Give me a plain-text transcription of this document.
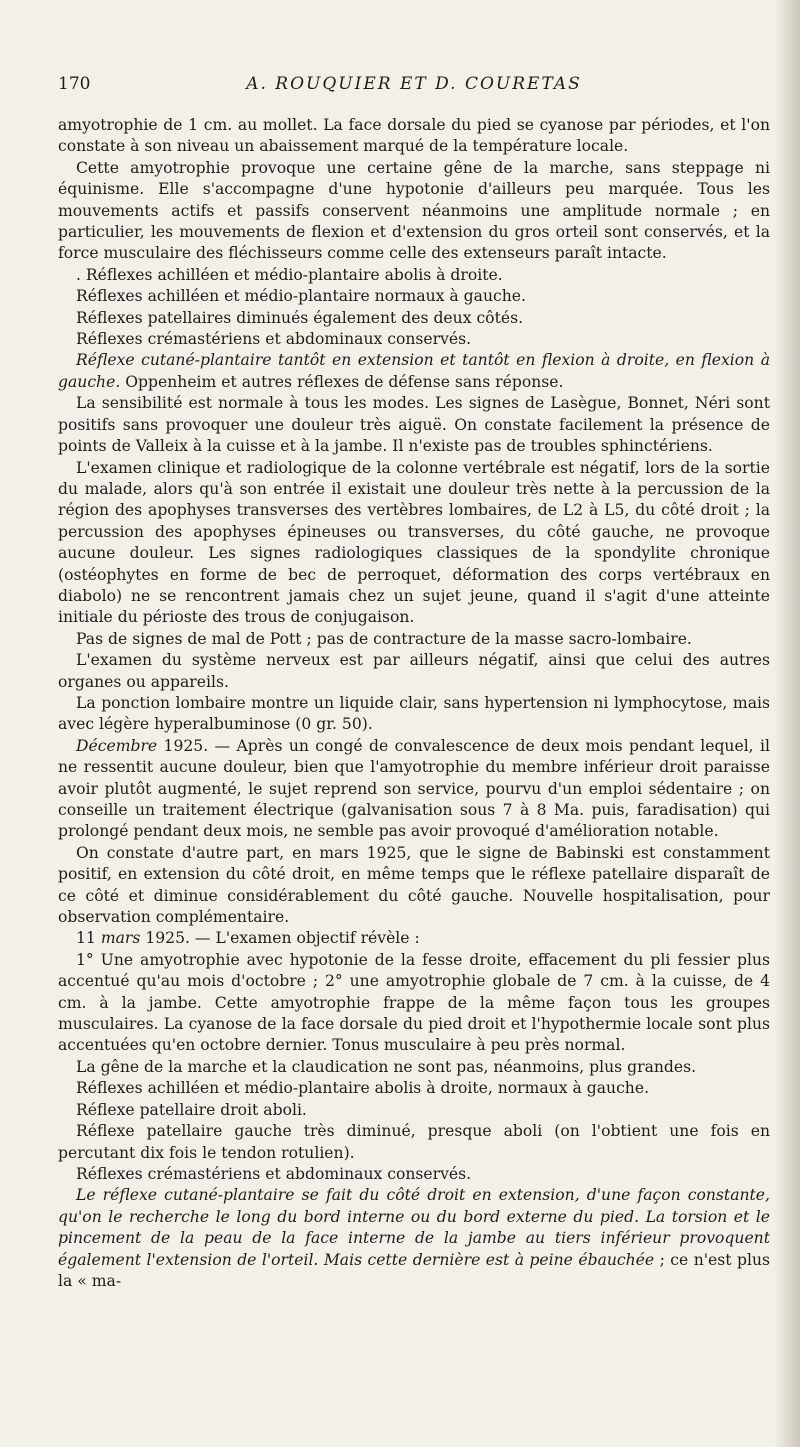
170	A. ROUQUIER ET D. COURETAS

amyotrophie de 1 cm. au mollet. La face dorsale du pied se cyanose par périodes, et l'on constate à son niveau un abaissement marqué de la température locale.

Cette amyotrophie provoque une certaine gêne de la marche, sans steppage ni équinisme. Elle s'accompagne d'une hypotonie d'ailleurs peu marquée. Tous les mouvements actifs et passifs conservent néanmoins une amplitude normale ; en particulier, les mouvements de flexion et d'extension du gros orteil sont conservés, et la force musculaire des fléchisseurs comme celle des extenseurs paraît intacte.

. Réflexes achilléen et médio-plantaire abolis à droite.

Réflexes achilléen et médio-plantaire normaux à gauche.

Réflexes patellaires diminués également des deux côtés.

Réflexes crémastériens et abdominaux conservés.

Réflexe cutané-plantaire tantôt en extension et tantôt en flexion à droite, en flexion à gauche. Oppenheim et autres réflexes de défense sans réponse.

La sensibilité est normale à tous les modes. Les signes de Lasègue, Bonnet, Néri sont positifs sans provoquer une douleur très aiguë. On constate facilement la présence de points de Valleix à la cuisse et à la jambe. Il n'existe pas de troubles sphinctériens.

L'examen clinique et radiologique de la colonne vertébrale est négatif, lors de la sortie du malade, alors qu'à son entrée il existait une douleur très nette à la percussion de la région des apophyses transverses des vertèbres lombaires, de L2 à L5, du côté droit ; la percussion des apophyses épineuses ou transverses, du côté gauche, ne provoque aucune douleur. Les signes radiologiques classiques de la spondylite chronique (ostéophytes en forme de bec de perroquet, déformation des corps vertébraux en diabolo) ne se rencontrent jamais chez un sujet jeune, quand il s'agit d'une atteinte initiale du périoste des trous de conjugaison.

Pas de signes de mal de Pott ; pas de contracture de la masse sacro-lombaire.

L'examen du système nerveux est par ailleurs négatif, ainsi que celui des autres organes ou appareils.

La ponction lombaire montre un liquide clair, sans hypertension ni lymphocytose, mais avec légère hyperalbuminose (0 gr. 50).

Décembre 1925. — Après un congé de convalescence de deux mois pendant lequel, il ne ressentit aucune douleur, bien que l'amyotrophie du membre inférieur droit paraisse avoir plutôt augmenté, le sujet reprend son service, pourvu d'un emploi sédentaire ; on conseille un traitement électrique (galvanisation sous 7 à 8 Ma. puis, faradisation) qui prolongé pendant deux mois, ne semble pas avoir provoqué d'amélioration notable.

On constate d'autre part, en mars 1925, que le signe de Babinski est constamment positif, en extension du côté droit, en même temps que le réflexe patellaire disparaît de ce côté et diminue considérablement du côté gauche. Nouvelle hospitalisation, pour observation complémentaire.

11 mars 1925. — L'examen objectif révèle :

1° Une amyotrophie avec hypotonie de la fesse droite, effacement du pli fessier plus accentué qu'au mois d'octobre ; 2° une amyotrophie globale de 7 cm. à la cuisse, de 4 cm. à la jambe. Cette amyotrophie frappe de la même façon tous les groupes musculaires. La cyanose de la face dorsale du pied droit et l'hypothermie locale sont plus accentuées qu'en octobre dernier. Tonus musculaire à peu près normal.

La gêne de la marche et la claudication ne sont pas, néanmoins, plus grandes.

Réflexes achilléen et médio-plantaire abolis à droite, normaux à gauche.

Réflexe patellaire droit aboli.

Réflexe patellaire gauche très diminué, presque aboli (on l'obtient une fois en percutant dix fois le tendon rotulien).

Réflexes crémastériens et abdominaux conservés.

Le réflexe cutané-plantaire se fait du côté droit en extension, d'une façon constante, qu'on le recherche le long du bord interne ou du bord externe du pied. La torsion et le pincement de la peau de la face interne de la jambe au tiers inférieur provoquent également l'extension de l'orteil. Mais cette dernière est à peine ébauchée ; ce n'est plus la « ma-
